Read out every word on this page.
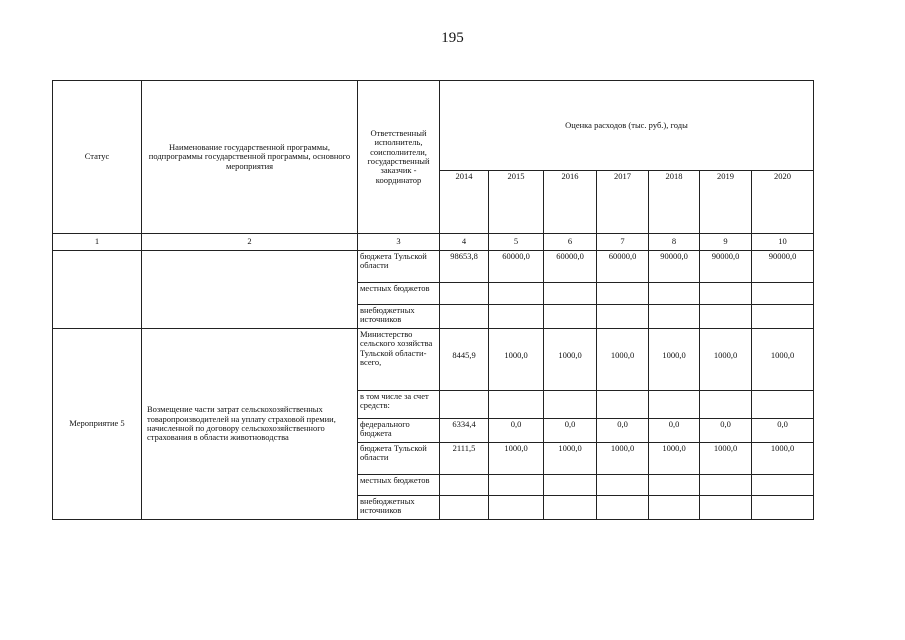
195
Статус	Наименование государственной программы, подпрограммы государственной программы, основного мероприятия	Ответственный исполнитель, соисполнители, государственный заказчик - координатор	Оценка расходов (тыс. руб.), годы						
			2014	2015	2016	2017	2018	2019	2020
1	2	3	4	5	6	7	8	9	10
		бюджета Тульской области	98653,8	60000,0	60000,0	60000,0	90000,0	90000,0	90000,0
		местных бюджетов							
		внебюджетных источников							
Мероприятие 5	Возмещение части затрат сельскохозяйственных товаропроизводителей на уплату страховой премии, начисленной по договору сельскохозяйственного страхования в области животноводства	Министерство сельского хозяйства Тульской области- всего,	8445,9	1000,0	1000,0	1000,0	1000,0	1000,0	1000,0
		в том числе за счет средств:							
		федерального бюджета	6334,4	0,0	0,0	0,0	0,0	0,0	0,0
		бюджета Тульской области	2111,5	1000,0	1000,0	1000,0	1000,0	1000,0	1000,0
		местных бюджетов							
		внебюджетных источников							
